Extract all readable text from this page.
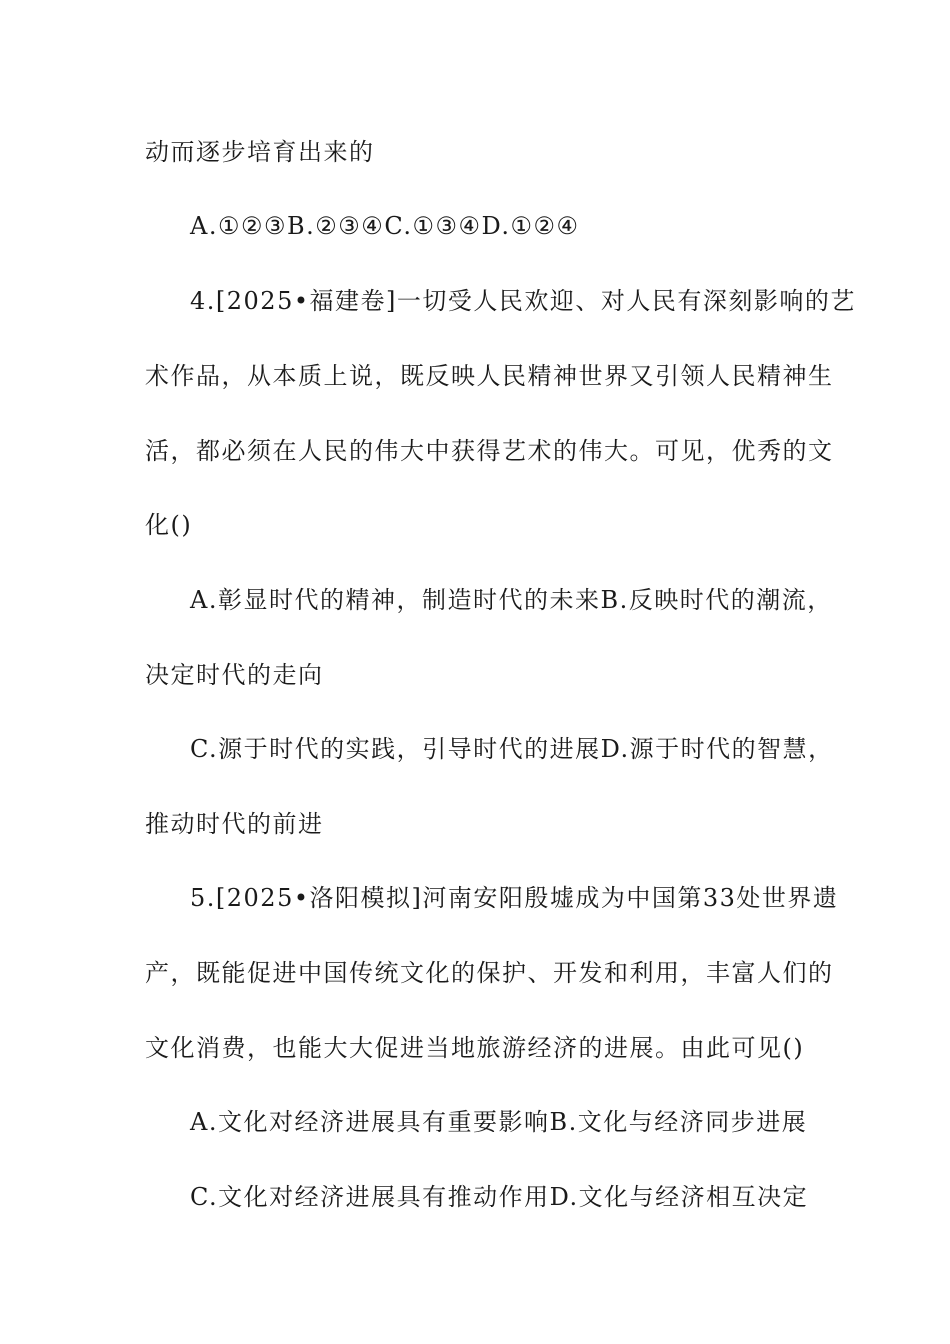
动而逐步培育出来的
A.①②③B.②③④C.①③④D.①②④
4.[2025•福建卷]一切受人民欢迎、对人民有深刻影响的艺
术作品，从本质上说，既反映人民精神世界又引领人民精神生
活，都必须在人民的伟大中获得艺术的伟大。可见，优秀的文
化()
A.彰显时代的精神，制造时代的未来B.反映时代的潮流，
决定时代的走向
C.源于时代的实践，引导时代的进展D.源于时代的智慧，
推动时代的前进
5.[2025•洛阳模拟]河南安阳殷墟成为中国第33处世界遗
产，既能促进中国传统文化的保护、开发和利用，丰富人们的
文化消费，也能大大促进当地旅游经济的进展。由此可见()
A.文化对经济进展具有重要影响B.文化与经济同步进展
C.文化对经济进展具有推动作用D.文化与经济相互决定
